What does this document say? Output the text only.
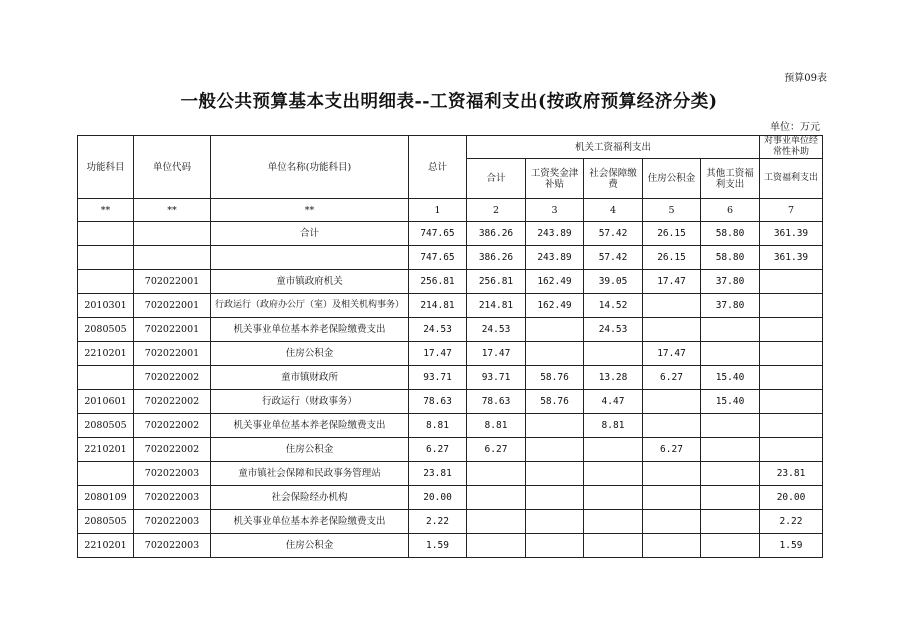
预算09表
一般公共预算基本支出明细表--工资福利支出(按政府预算经济分类)
单位：万元
功能科目	单位代码	单位名称(功能科目)	总计	机关工资福利支出					对事业单位经常性补助
				合计	工资奖金津补贴	社会保障缴费	住房公积金	其他工资福利支出	工资福利支出
**	**	**	1	2	3	4	5	6	7
		合计	747.65	386.26	243.89	57.42	26.15	58.80	361.39
			747.65	386.26	243.89	57.42	26.15	58.80	361.39
	702022001	童市镇政府机关	256.81	256.81	162.49	39.05	17.47	37.80	
2010301	702022001	行政运行（政府办公厅（室）及相关机构事务）	214.81	214.81	162.49	14.52		37.80	
2080505	702022001	机关事业单位基本养老保险缴费支出	24.53	24.53		24.53			
2210201	702022001	住房公积金	17.47	17.47			17.47		
	702022002	童市镇财政所	93.71	93.71	58.76	13.28	6.27	15.40	
2010601	702022002	行政运行（财政事务）	78.63	78.63	58.76	4.47		15.40	
2080505	702022002	机关事业单位基本养老保险缴费支出	8.81	8.81		8.81			
2210201	702022002	住房公积金	6.27	6.27			6.27		
	702022003	童市镇社会保障和民政事务管理站	23.81						23.81
2080109	702022003	社会保险经办机构	20.00						20.00
2080505	702022003	机关事业单位基本养老保险缴费支出	2.22						2.22
2210201	702022003	住房公积金	1.59						1.59
